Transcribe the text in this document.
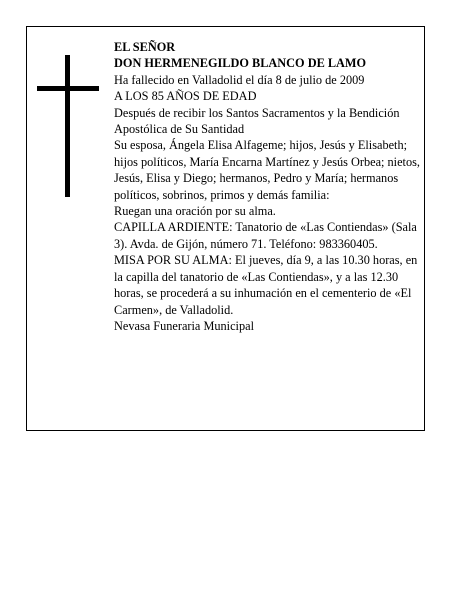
EL SEÑOR

DON HERMENEGILDO BLANCO DE LAMO

Ha fallecido en Valladolid el día 8 de julio de 2009

A LOS 85 AÑOS DE EDAD

Después de recibir los Santos Sacramentos y la Bendición Apostólica de Su Santidad

Su esposa, Ángela Elisa Alfageme; hijos, Jesús y Elisabeth; hijos políticos, María Encarna Martínez y Jesús Orbea; nietos, Jesús, Elisa y Diego; hermanos, Pedro y María; hermanos políticos, sobrinos, primos y demás familia:

Ruegan una oración por su alma.

CAPILLA ARDIENTE: Tanatorio de «Las Contiendas» (Sala 3). Avda. de Gijón, número 71. Teléfono: 983360405.

MISA POR SU ALMA: El jueves, día 9, a las 10.30 horas, en la capilla del tanatorio de «Las Contiendas», y a las 12.30 horas, se procederá a su inhumación en el cementerio de «El Carmen», de Valladolid.

Nevasa Funeraria Municipal
